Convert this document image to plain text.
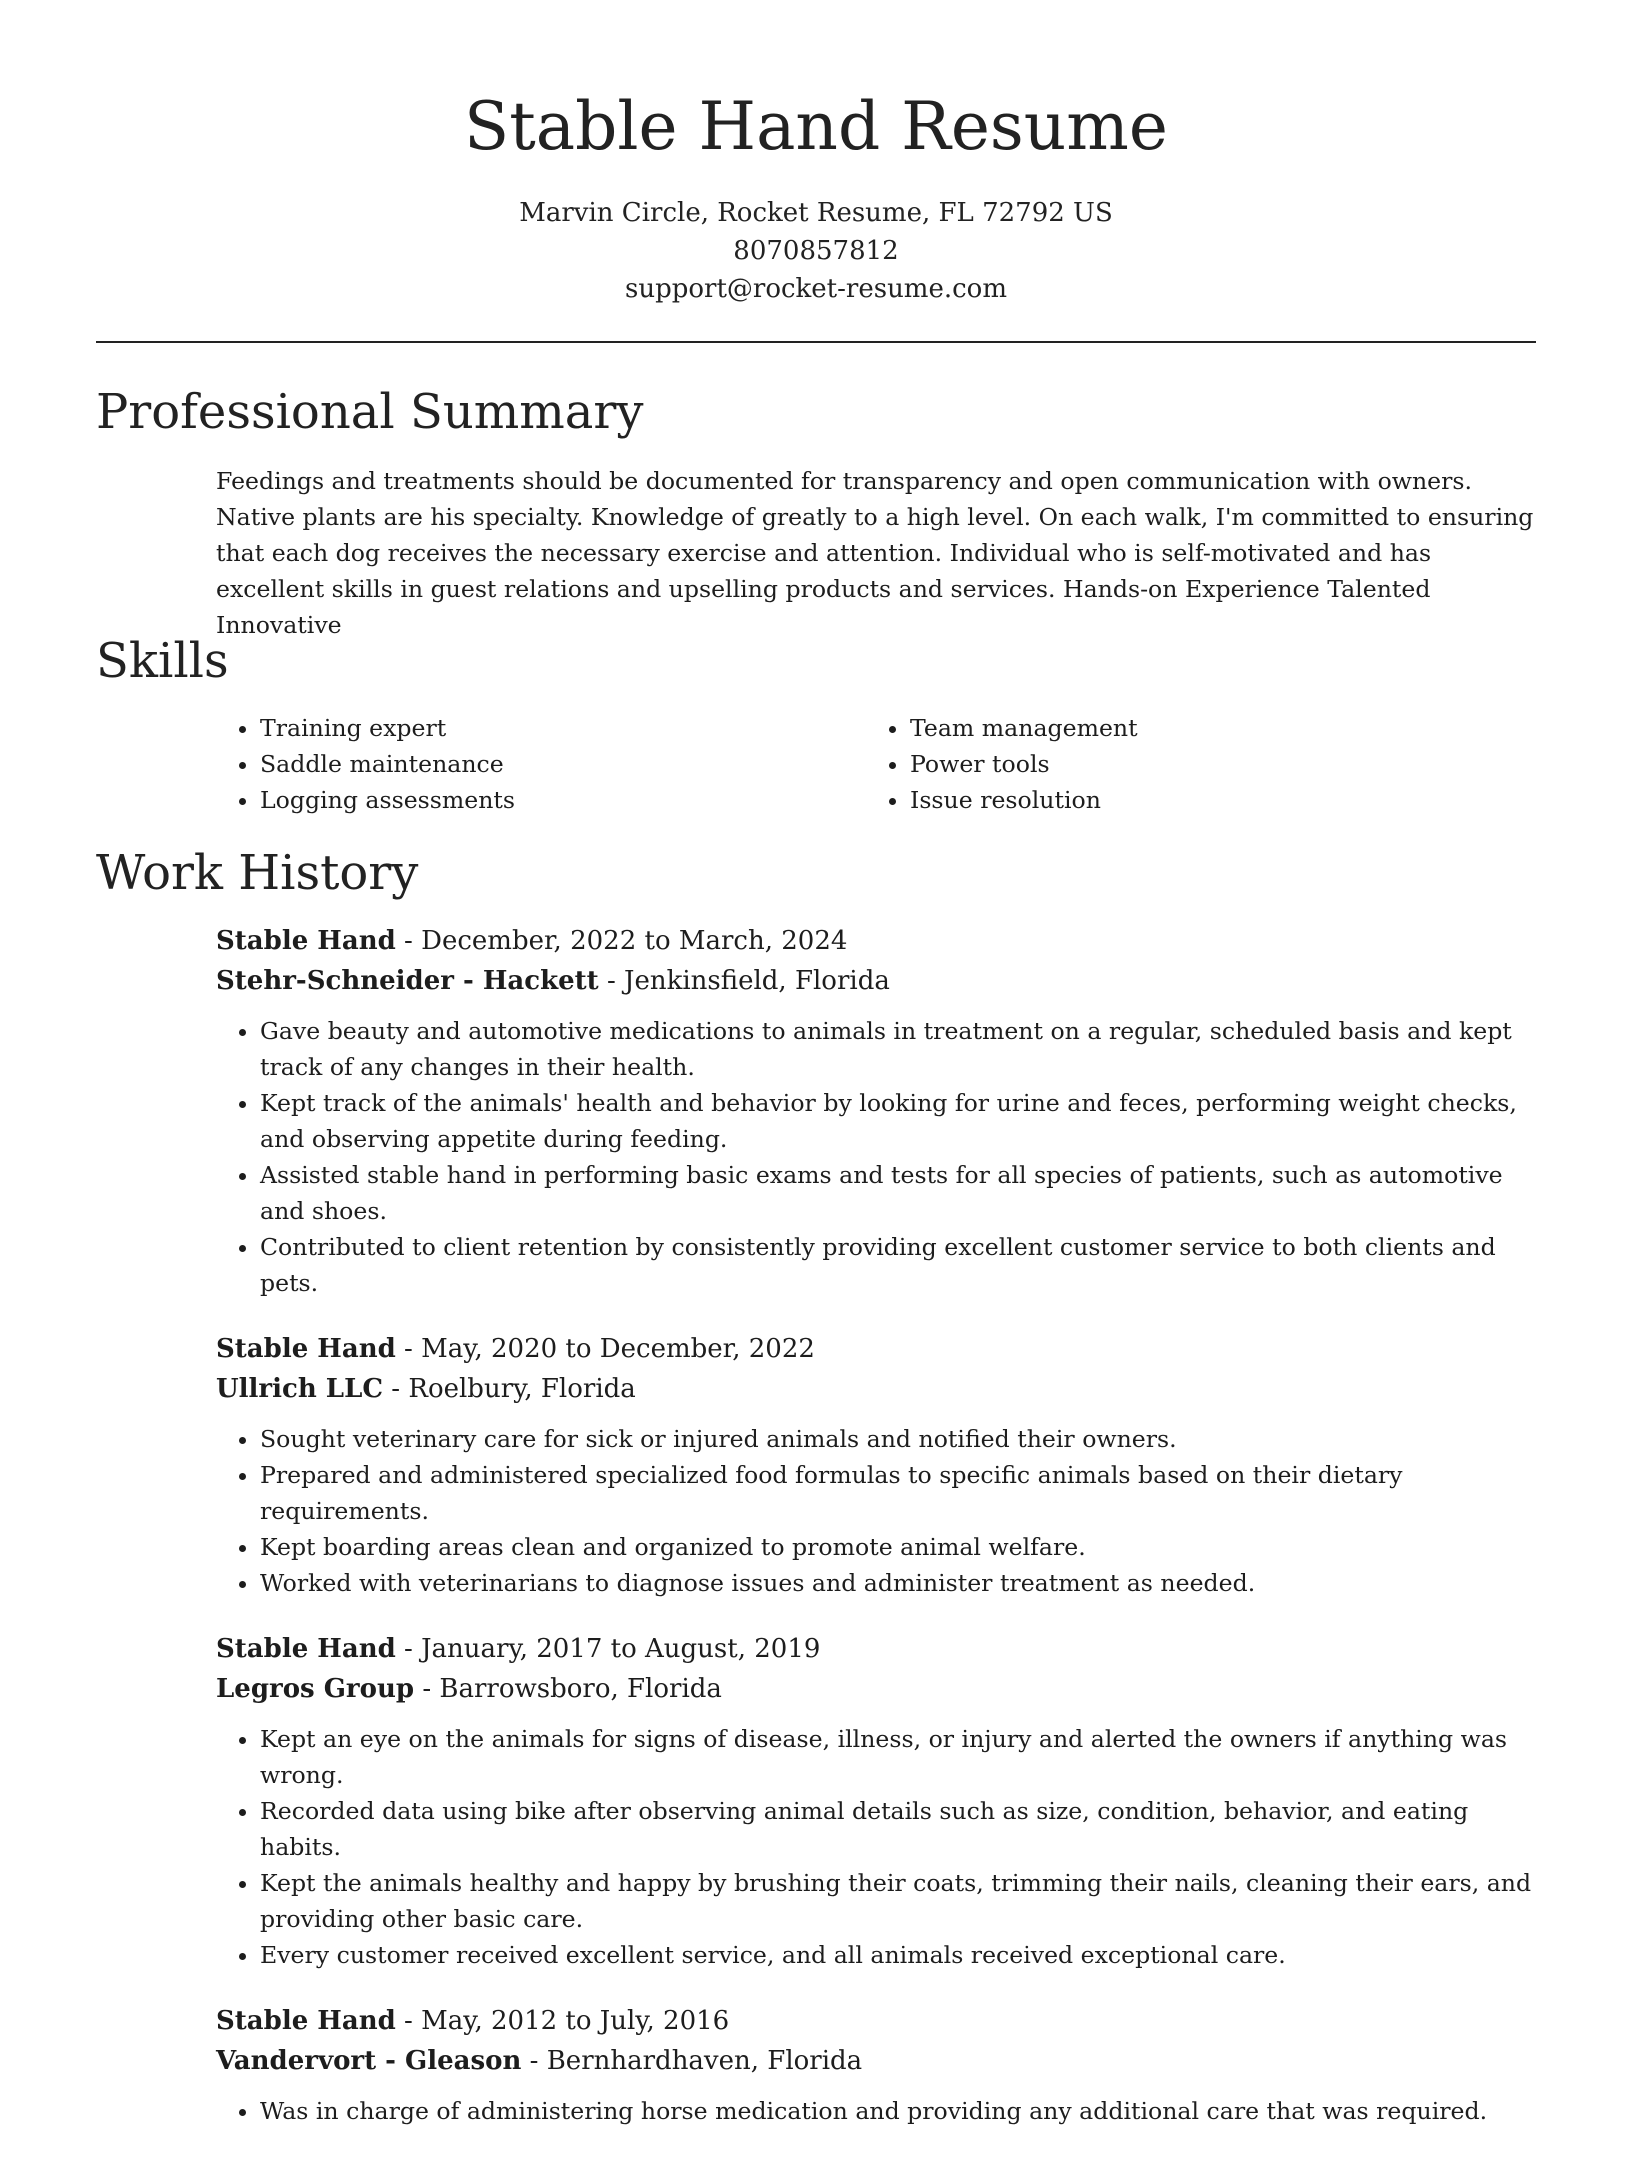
Stable Hand Resume
Marvin Circle, Rocket Resume, FL 72792 US
8070857812
support@rocket-resume.com
Professional Summary

Feedings and treatments should be documented for transparency and open communication with owners. Native plants are his specialty. Knowledge of greatly to a high level. On each walk, I'm committed to ensuring that each dog receives the necessary exercise and attention. Individual who is self-motivated and has excellent skills in guest relations and upselling products and services. Hands-on Experience Talented Innovative

Skills
• Training expert
• Saddle maintenance
• Logging assessments
• Team management
• Power tools
• Issue resolution
Work History

Stable Hand - December, 2022 to March, 2024

Stehr-Schneider - Hackett - Jenkinsfield, Florida

• Gave beauty and automotive medications to animals in treatment on a regular, scheduled basis and kept track of any changes in their health.
• Kept track of the animals' health and behavior by looking for urine and feces, performing weight checks, and observing appetite during feeding.
• Assisted stable hand in performing basic exams and tests for all species of patients, such as automotive and shoes.
• Contributed to client retention by consistently providing excellent customer service to both clients and pets.

Stable Hand - May, 2020 to December, 2022

Ullrich LLC - Roelbury, Florida

• Sought veterinary care for sick or injured animals and notified their owners.
• Prepared and administered specialized food formulas to specific animals based on their dietary requirements.
• Kept boarding areas clean and organized to promote animal welfare.
• Worked with veterinarians to diagnose issues and administer treatment as needed.

Stable Hand - January, 2017 to August, 2019

Legros Group - Barrowsboro, Florida

• Kept an eye on the animals for signs of disease, illness, or injury and alerted the owners if anything was wrong.
• Recorded data using bike after observing animal details such as size, condition, behavior, and eating habits.
• Kept the animals healthy and happy by brushing their coats, trimming their nails, cleaning their ears, and providing other basic care.
• Every customer received excellent service, and all animals received exceptional care.

Stable Hand - May, 2012 to July, 2016

Vandervort - Gleason - Bernhardhaven, Florida

• Was in charge of administering horse medication and providing any additional care that was required.
